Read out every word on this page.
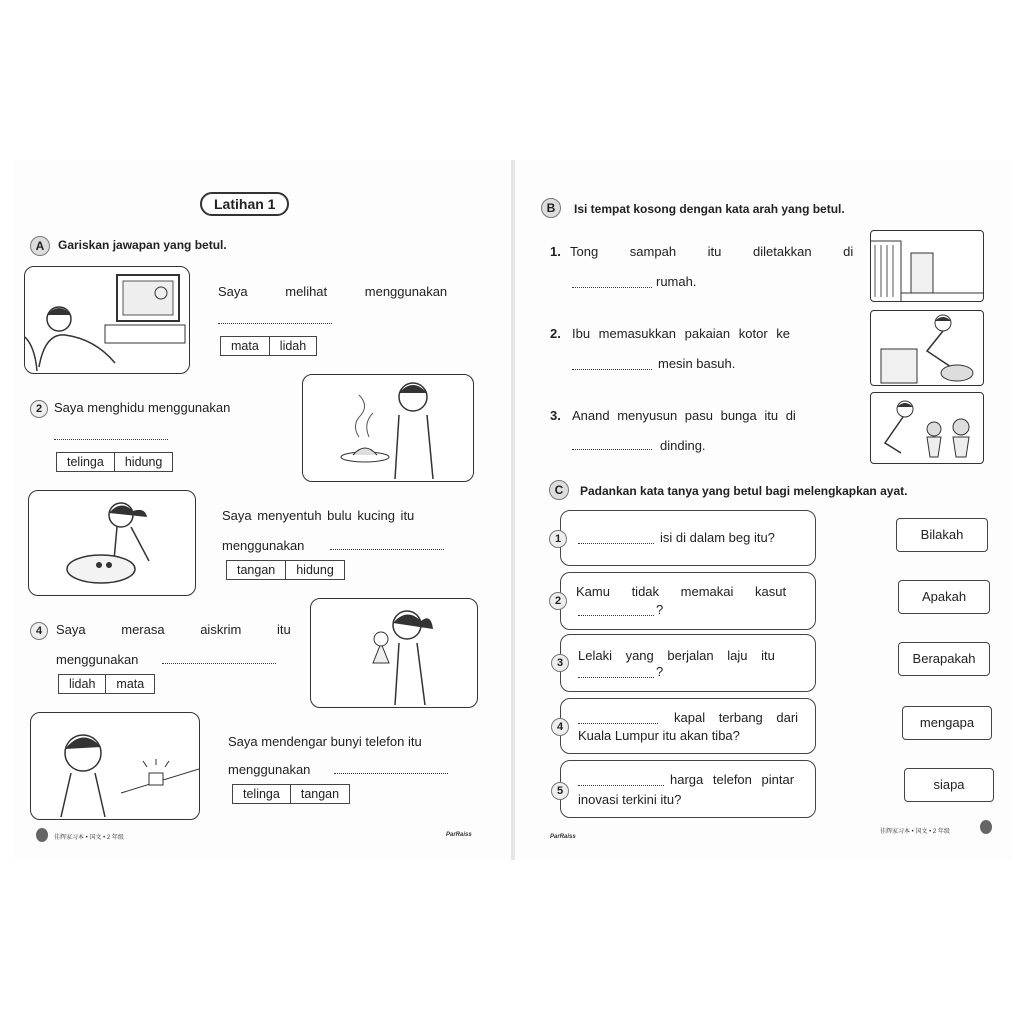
Latihan 1
A	Gariskan jawapan yang betul.
Saya melihat menggunakan
mata	lidah
2 Saya menghidu menggunakan
telinga	hidung
Saya menyentuh bulu kucing itu
menggunakan
tangan	hidung
4	Saya merasa aiskrim itu
menggunakan
lidah	mata
Saya mendengar bunyi telefon itu
menggunakan
telinga	tangan
佳辉家习本 • 国文 • 2 年级	ParRaiss
B	Isi tempat kosong dengan kata arah yang betul.
1. Tong sampah itu diletakkan di
rumah.
2. Ibu memasukkan pakaian kotor ke
mesin basuh.
3. Anand menyusun pasu bunga itu di
dinding.
C	Padankan kata tanya yang betul bagi melengkapkan ayat.
1	isi di dalam beg itu?
2
Kamu tidak memakai kasut
?
3	Lelaki yang berjalan laju itu
?
4
kapal terbang dari
Kuala Lumpur itu akan tiba?
5
harga telefon pintar
inovasi terkini itu?
Bilakah
Apakah
Berapakah
mengapa
siapa
ParRaiss
佳辉家习本 • 国文 • 2 年级
